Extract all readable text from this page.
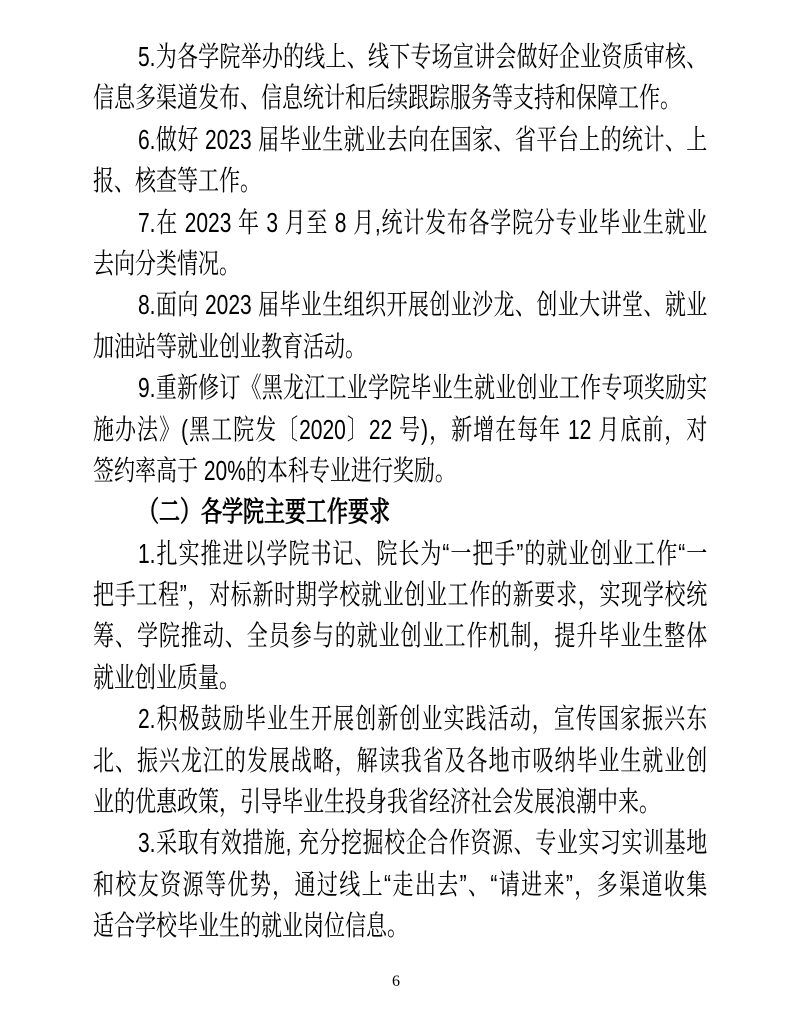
5.为各学院举办的线上、线下专场宣讲会做好企业资质审核、
信息多渠道发布、信息统计和后续跟踪服务等支持和保障工作。
6.做好 2023 届毕业生就业去向在国家、省平台上的统计、上
报、核查等工作。
7.在 2023 年 3 月至 8 月,统计发布各学院分专业毕业生就业
去向分类情况。
8.面向 2023 届毕业生组织开展创业沙龙、创业大讲堂、就业
加油站等就业创业教育活动。
9.重新修订《黑龙江工业学院毕业生就业创业工作专项奖励实
施办法》(黑工院发〔2020〕22 号)，新增在每年 12 月底前，对
签约率高于 20%的本科专业进行奖励。
（二）各学院主要工作要求
1.扎实推进以学院书记、院长为“一把手”的就业创业工作“一
把手工程”，对标新时期学校就业创业工作的新要求，实现学校统
筹、学院推动、全员参与的就业创业工作机制，提升毕业生整体
就业创业质量。
2.积极鼓励毕业生开展创新创业实践活动，宣传国家振兴东
北、振兴龙江的发展战略，解读我省及各地市吸纳毕业生就业创
业的优惠政策，引导毕业生投身我省经济社会发展浪潮中来。
3.采取有效措施, 充分挖掘校企合作资源、专业实习实训基地
和校友资源等优势，通过线上“走出去”、“请进来”，多渠道收集
适合学校毕业生的就业岗位信息。
6
